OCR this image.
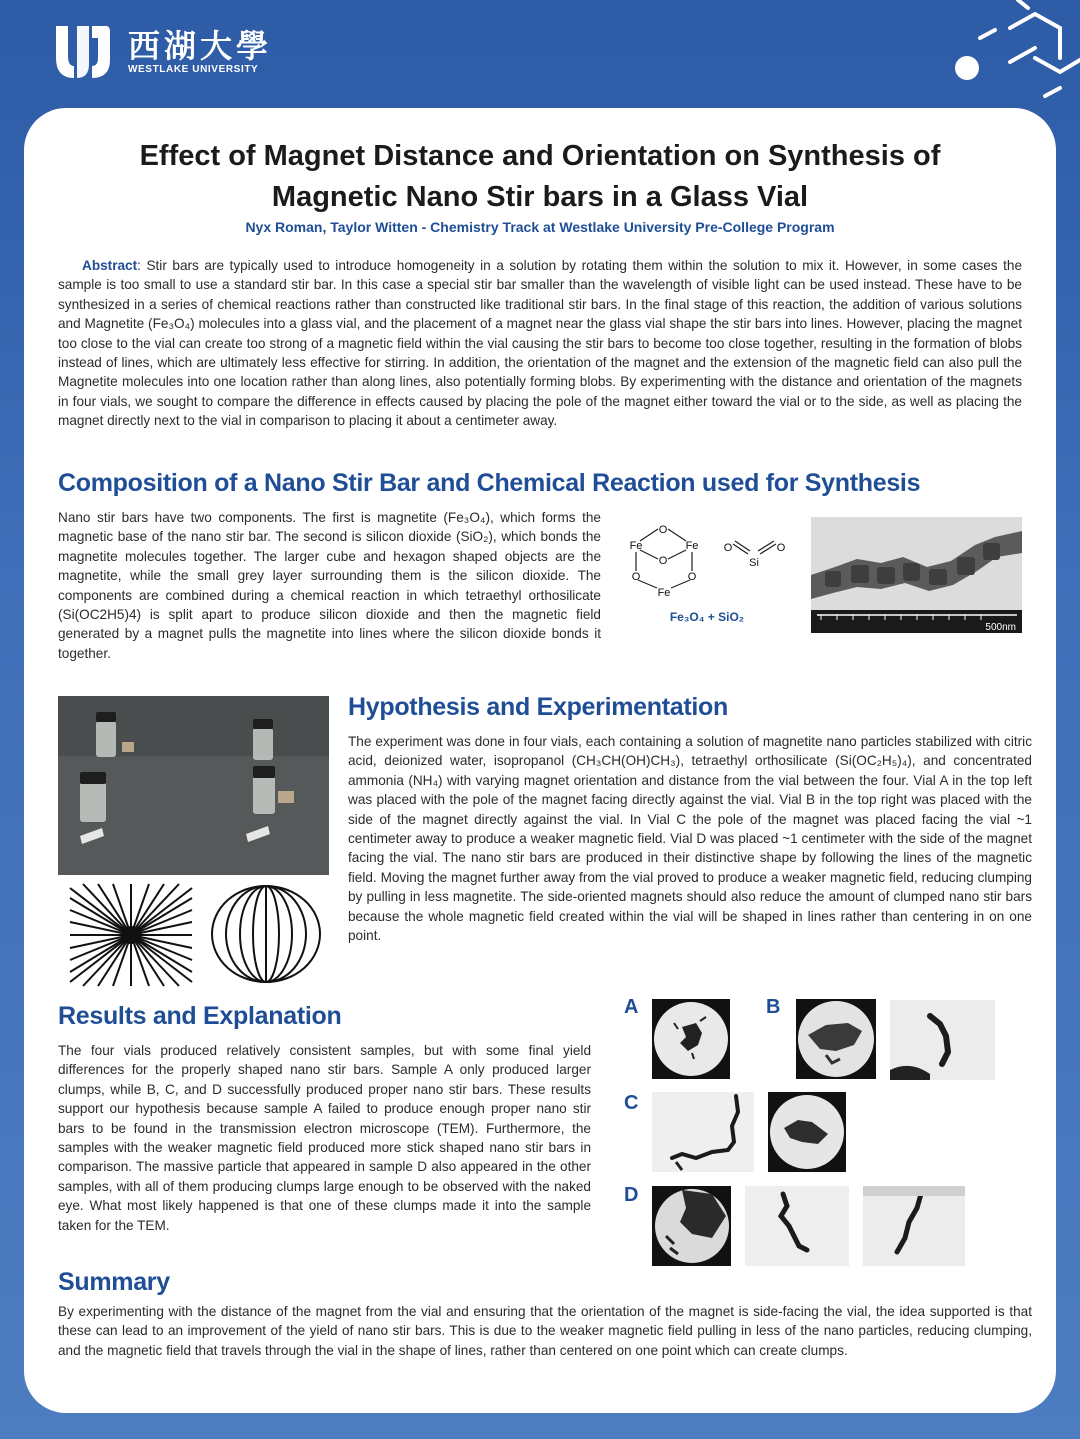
西湖大學
WESTLAKE UNIVERSITY
Effect of Magnet Distance and Orientation on Synthesis of
Magnetic Nano Stir bars in a Glass Vial
Nyx Roman, Taylor Witten - Chemistry Track at Westlake University Pre-College Program

Abstract: Stir bars are typically used to introduce homogeneity in a solution by rotating them within the solution to mix it. However, in some cases the sample is too small to use a standard stir bar. In this case a special stir bar smaller than the wavelength of visible light can be used instead. These have to be synthesized in a series of chemical reactions rather than constructed like traditional stir bars. In the final stage of this reaction, the addition of various solutions and Magnetite (Fe₃O₄) molecules into a glass vial, and the placement of a magnet near the glass vial shape the stir bars into lines. However, placing the magnet too close to the vial can create too strong of a magnetic field within the vial causing the stir bars to become too close together, resulting in the formation of blobs instead of lines, which are ultimately less effective for stirring. In addition, the orientation of the magnet and the extension of the magnetic field can also pull the Magnetite molecules into one location rather than along lines, also potentially forming blobs. By experimenting with the distance and orientation of the magnets in four vials, we sought to compare the difference in effects caused by placing the pole of the magnet either toward the vial or to the side, as well as placing the magnet directly next to the vial in comparison to placing it about a centimeter away.

Composition of a Nano Stir Bar and Chemical Reaction used for Synthesis

Nano stir bars have two components. The first is magnetite (Fe₃O₄), which forms the magnetic base of the nano stir bar. The second is silicon dioxide (SiO₂), which bonds the magnetite molecules together. The larger cube and hexagon shaped objects are the magnetite, while the small grey layer surrounding them is the silicon dioxide. The components are combined during a chemical reaction in which tetraethyl orthosilicate (Si(OC2H5)4) is split apart to produce silicon dioxide and then the magnetic field generated by a magnet pulls the magnetite into lines where the silicon dioxide bonds it together.

O
Fe	Fe
O
O	O
Fe
O
Si
O
Fe₃O₄ + SiO₂
500nm
Hypothesis and Experimentation

The experiment was done in four vials, each containing a solution of magnetite nano particles stabilized with citric acid, deionized water, isopropanol (CH₃CH(OH)CH₃), tetraethyl orthosilicate (Si(OC₂H₅)₄), and concentrated ammonia (NH₄) with varying magnet orientation and distance from the vial between the four. Vial A in the top left was placed with the pole of the magnet facing directly against the vial. Vial B in the top right was placed with the side of the magnet directly against the vial. In Vial C the pole of the magnet was placed facing the vial ~1 centimeter away to produce a weaker magnetic field. Vial D was placed ~1 centimeter with the side of the magnet facing the vial. The nano stir bars are produced in their distinctive shape by following the lines of the magnetic field. Moving the magnet further away from the vial proved to produce a weaker magnetic field, reducing clumping by pulling in less magnetite. The side-oriented magnets should also reduce the amount of clumped nano stir bars because the whole magnetic field created within the vial will be shaped in lines rather than centering in on one point.

Results and Explanation

The four vials produced relatively consistent samples, but with some final yield differences for the properly shaped nano stir bars. Sample A only produced larger clumps, while B, C, and D successfully produced proper nano stir bars. These results support our hypothesis because sample A failed to produce enough proper nano stir bars to be found in the transmission electron microscope (TEM). Furthermore, the samples with the weaker magnetic field produced more stick shaped nano stir bars in comparison. The massive particle that appeared in sample D also appeared in the other samples, with all of them producing clumps large enough to be observed with the naked eye. What most likely happened is that one of these clumps made it into the sample taken for the TEM.

A	B
C
D
Summary

By experimenting with the distance of the magnet from the vial and ensuring that the orientation of the magnet is side-facing the vial, the idea supported is that these can lead to an improvement of the yield of nano stir bars. This is due to the weaker magnetic field pulling in less of the nano particles, reducing clumping, and the magnetic field that travels through the vial in the shape of lines, rather than centered on one point which can create clumps.
